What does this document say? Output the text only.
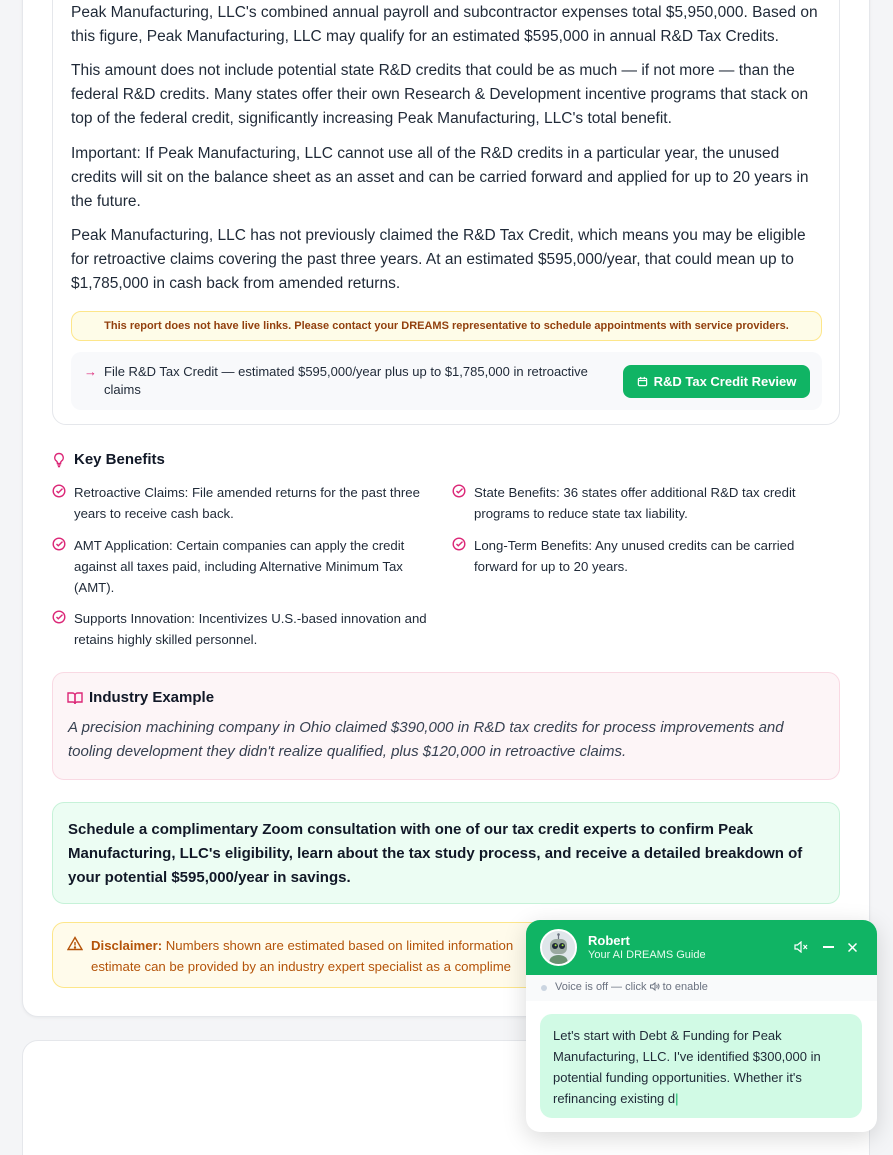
Peak Manufacturing, LLC's combined annual payroll and subcontractor expenses total $5,950,000. Based on this figure, Peak Manufacturing, LLC may qualify for an estimated $595,000 in annual R&D Tax Credits.

This amount does not include potential state R&D credits that could be as much — if not more — than the federal R&D credits. Many states offer their own Research & Development incentive programs that stack on top of the federal credit, significantly increasing Peak Manufacturing, LLC's total benefit.

Important: If Peak Manufacturing, LLC cannot use all of the R&D credits in a particular year, the unused credits will sit on the balance sheet as an asset and can be carried forward and applied for up to 20 years in the future.

Peak Manufacturing, LLC has not previously claimed the R&D Tax Credit, which means you may be eligible for retroactive claims covering the past three years. At an estimated $595,000/year, that could mean up to $1,785,000 in cash back from amended returns.

This report does not have live links. Please contact your DREAMS representative to schedule appointments with service providers.
→ File R&D Tax Credit — estimated $595,000/year plus up to $1,785,000 in retroactive claims
R&D Tax Credit Review
Key Benefits
Retroactive Claims: File amended returns for the past three years to receive cash back.
State Benefits: 36 states offer additional R&D tax credit programs to reduce state tax liability.
AMT Application: Certain companies can apply the credit against all taxes paid, including Alternative Minimum Tax (AMT).
Long-Term Benefits: Any unused credits can be carried forward for up to 20 years.
Supports Innovation: Incentivizes U.S.-based innovation and retains highly skilled personnel.
Industry Example

A precision machining company in Ohio claimed $390,000 in R&D tax credits for process improvements and tooling development they didn't realize qualified, plus $120,000 in retroactive claims.

Schedule a complimentary Zoom consultation with one of our tax credit experts to confirm Peak Manufacturing, LLC's eligibility, learn about the tax study process, and receive a detailed breakdown of your potential $595,000/year in savings.

Disclaimer: Numbers shown are estimated based on limited information
estimate can be provided by an industry expert specialist as a complime
Robert
Your AI DREAMS Guide
Voice is off — click to enable
Let's start with Debt & Funding for Peak Manufacturing, LLC. I've identified $300,000 in potential funding opportunities. Whether it's refinancing existing d|
